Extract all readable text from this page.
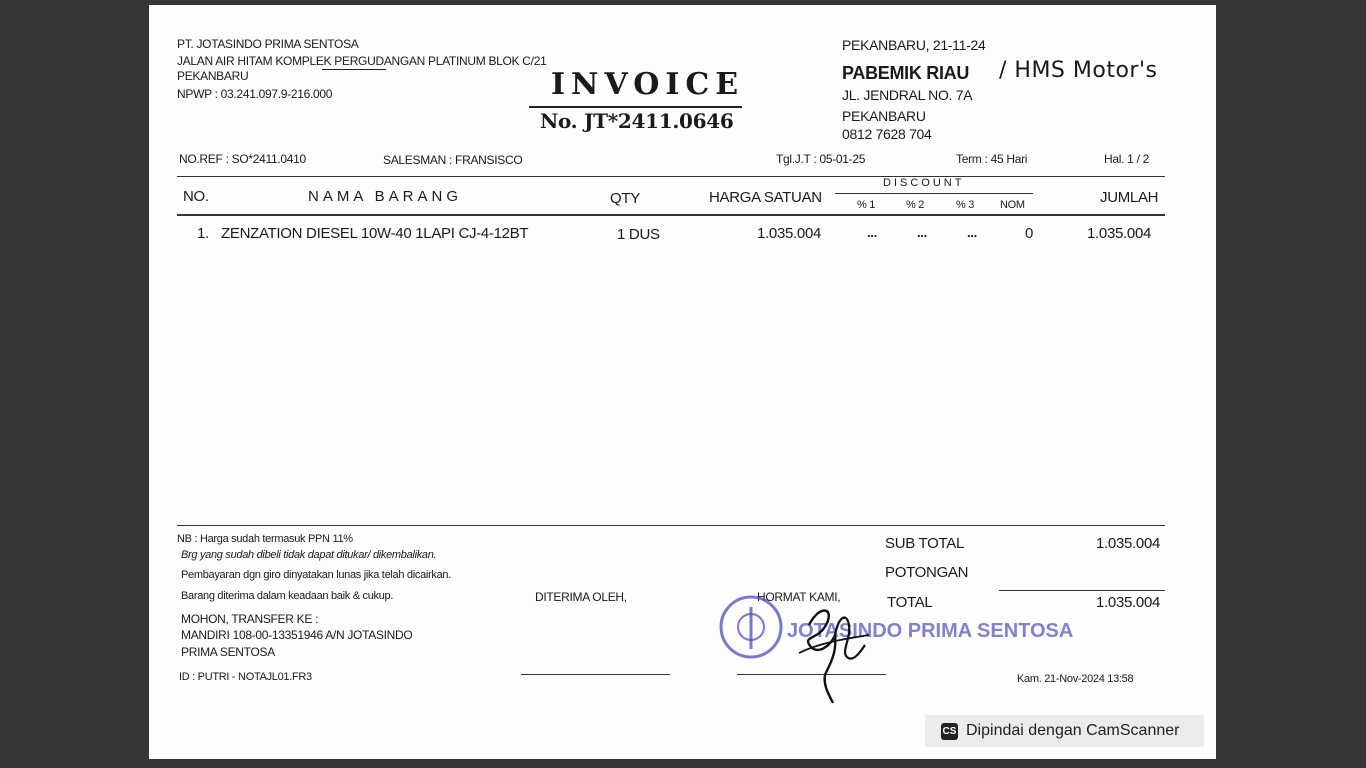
PT. JOTASINDO PRIMA SENTOSA
JALAN AIR HITAM KOMPLEK PERGUDANGAN PLATINUM BLOK C/21
PEKANBARU
NPWP : 03.241.097.9-216.000	INVOICE
No. JT*2411.0646
PEKANBARU, 21-11-24
PABEMIK RIAU / HMS Motor's
JL. JENDRAL NO. 7A
PEKANBARU
0812 7628 704
NO.REF : SO*2411.0410	SALESMAN : FRANSISCO	Tgl.J.T : 05-01-25	Term : 45 Hari	Hal. 1 / 2
NO.	NAMA BARANG	QTY	HARGA SATUAN
DISCOUNT
% 1	% 2	% 3 NOM	JUMLAH
1. ZENZATION DIESEL 10W-40 1LAPI CJ-4-12BT	1 DUS	1.035.004	...	...	...	0	1.035.004
NB : Harga sudah termasuk PPN 11%
Brg yang sudah dibeli tidak dapat ditukar/ dikembalikan.
Pembayaran dgn giro dinyatakan lunas jika telah dicairkan.
Barang diterima dalam keadaan baik & cukup.
MOHON, TRANSFER KE :
MANDIRI 108-00-13351946 A/N JOTASINDO
PRIMA SENTOSA
ID : PUTRI - NOTAJL01.FR3
DITERIMA OLEH,	HORMAT KAMI,
JOTASINDO PRIMA SENTOSA
SUB TOTAL	1.035.004
POTONGAN
TOTAL	1.035.004
Kam. 21-Nov-2024 13:58
CS Dipindai dengan CamScanner
